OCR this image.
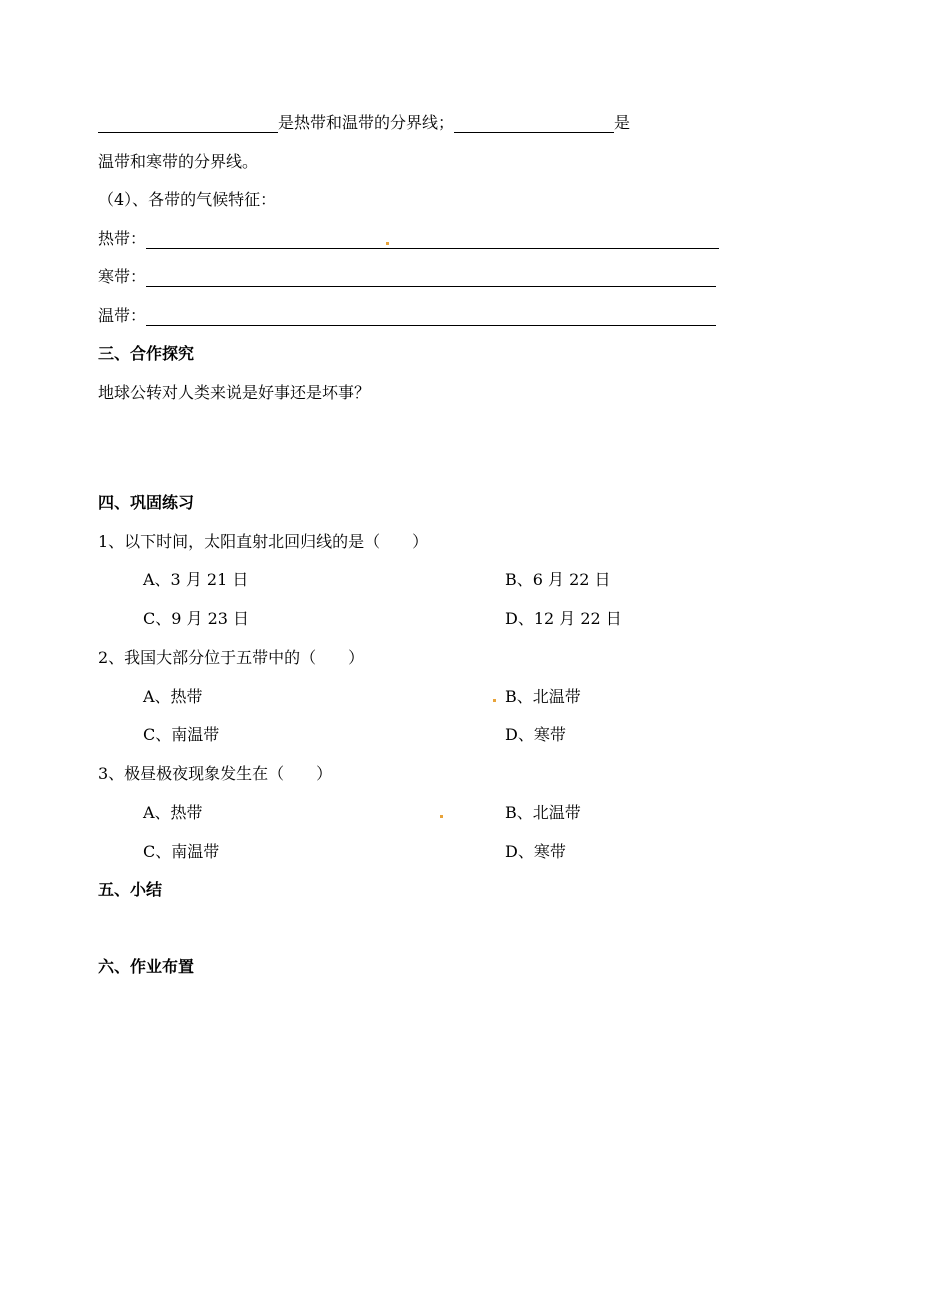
是热带和温带的分界线；	是
温带和寒带的分界线。
（4）、各带的气候特征：
热带：
寒带：
温带：
三、合作探究
地球公转对人类来说是好事还是坏事？
四、巩固练习
1、以下时间，太阳直射北回归线的是（　　）
A、3 月 21 日	B、6 月 22 日
C、9 月 23 日	D、12 月 22 日
2、我国大部分位于五带中的（　　）
A、热带	B、北温带
C、南温带	D、寒带
3、极昼极夜现象发生在（　　）
A、热带	B、北温带
C、南温带	D、寒带
五、小结
六、作业布置
